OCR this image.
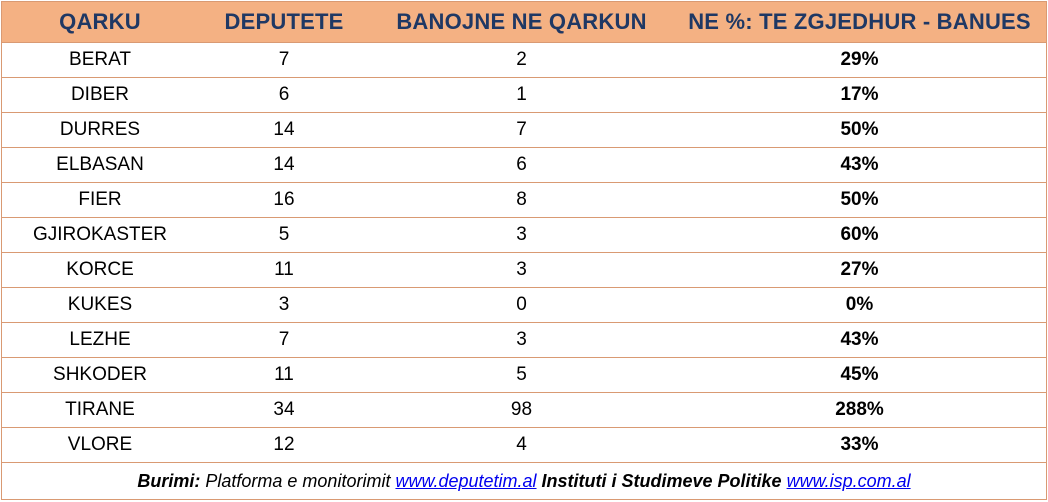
QARKU	DEPUTETE	BANOJNE NE QARKUN	NE %: TE ZGJEDHUR - BANUES
BERAT	7	2	29%
DIBER	6	1	17%
DURRES	14	7	50%
ELBASAN	14	6	43%
FIER	16	8	50%
GJIROKASTER	5	3	60%
KORCE	11	3	27%
KUKES	3	0	0%
LEZHE	7	3	43%
SHKODER	11	5	45%
TIRANE	34	98	288%
VLORE	12	4	33%
Burimi: Platforma e monitorimit www.deputetim.al Instituti i Studimeve Politike www.isp.com.al
